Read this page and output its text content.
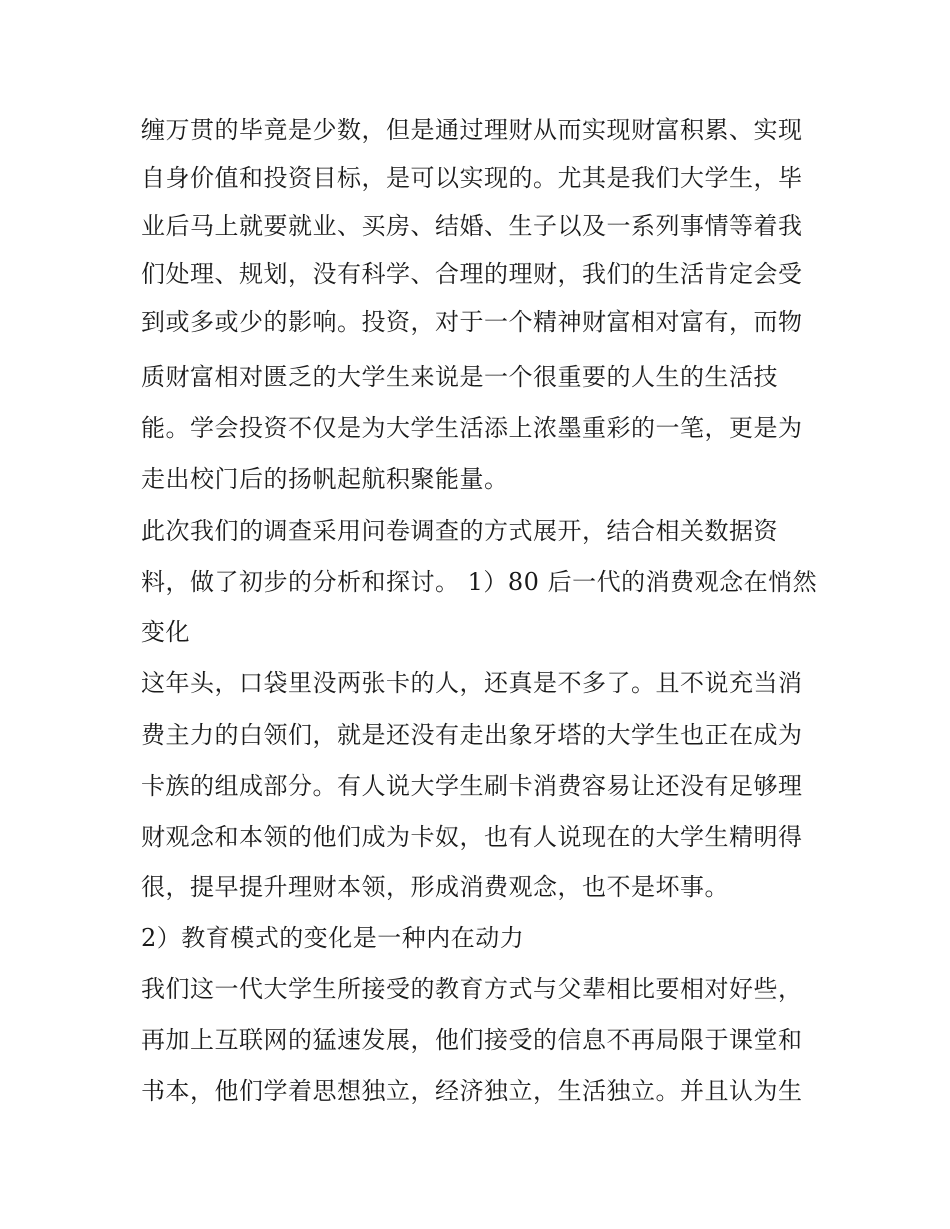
缠万贯的毕竟是少数，但是通过理财从而实现财富积累、实现
自身价值和投资目标，是可以实现的。尤其是我们大学生，毕
业后马上就要就业、买房、结婚、生子以及一系列事情等着我
们处理、规划，没有科学、合理的理财，我们的生活肯定会受
到或多或少的影响。投资，对于一个精神财富相对富有，而物
质财富相对匮乏的大学生来说是一个很重要的人生的生活技
能。学会投资不仅是为大学生活添上浓墨重彩的一笔，更是为
走出校门后的扬帆起航积聚能量。
此次我们的调查采用问卷调查的方式展开，结合相关数据资
料，做了初步的分析和探讨。 1）80 后一代的消费观念在悄然
变化
这年头，口袋里没两张卡的人，还真是不多了。且不说充当消
费主力的白领们，就是还没有走出象牙塔的大学生也正在成为
卡族的组成部分。有人说大学生刷卡消费容易让还没有足够理
财观念和本领的他们成为卡奴，也有人说现在的大学生精明得
很，提早提升理财本领，形成消费观念，也不是坏事。
2）教育模式的变化是一种内在动力
我们这一代大学生所接受的教育方式与父辈相比要相对好些，
再加上互联网的猛速发展，他们接受的信息不再局限于课堂和
书本，他们学着思想独立，经济独立，生活独立。并且认为生
